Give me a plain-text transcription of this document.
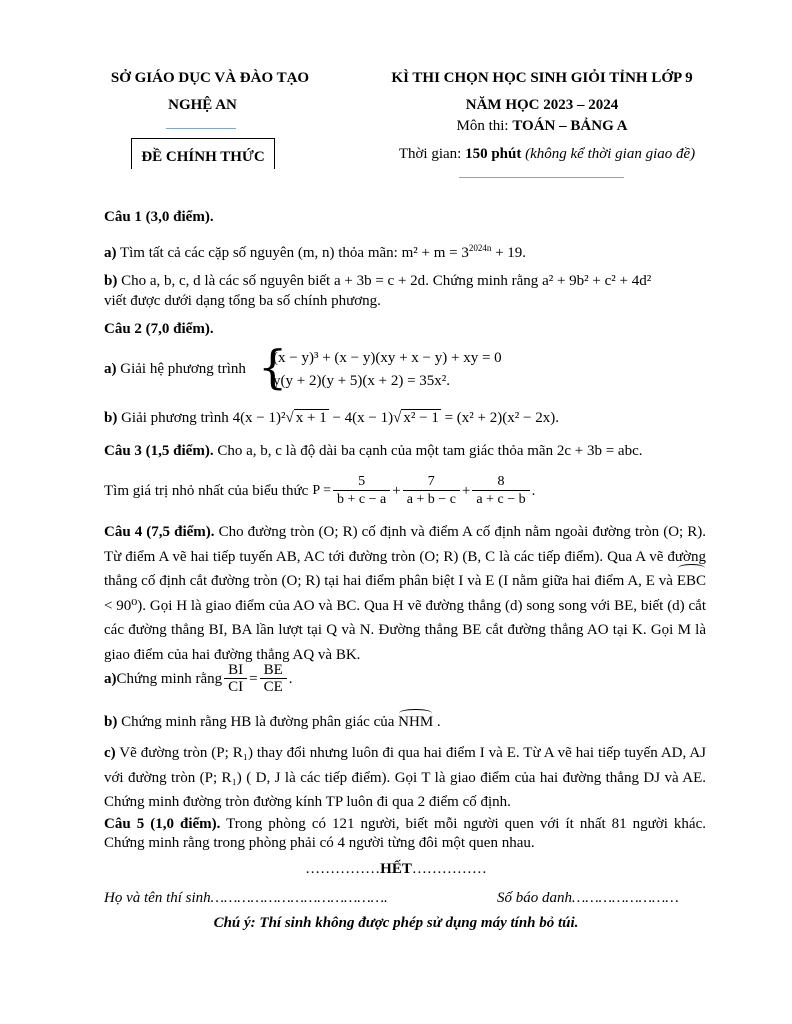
SỞ GIÁO DỤC VÀ ĐÀO TẠO
NGHỆ AN
ĐỀ CHÍNH THỨC
KÌ THI CHỌN HỌC SINH GIỎI TỈNH LỚP 9
NĂM HỌC 2023 – 2024
Môn thi: TOÁN – BẢNG A
Thời gian: 150 phút (không kể thời gian giao đề)
Câu 1 (3,0 điểm).
a) Tìm tất cả các cặp số nguyên (m, n) thỏa mãn: $m^2 + m = 3^{2024n} + 19$.

b) Cho a, b, c, d là các số nguyên biết a + 3b = c + 2d. Chứng minh rằng a² + 9b² + c² + 4d²

viết được dưới dạng tổng ba số chính phương.

Câu 2 (7,0 điểm).
a) Giải hệ phương trình {
(x − y)³ + (x − y)(xy + x − y) + xy = 0
y(y + 2)(y + 5)(x + 2) = 35x².
b) Giải phương trình 4(x − 1)²√ x + 1 − 4(x − 1)√ x² − 1 = (x² + 2)(x² − 2x).
Câu 3 (1,5 điểm). Cho a, b, c là độ dài ba cạnh của một tam giác thỏa mãn 2c + 3b = abc.
Tìm giá trị nhỏ nhất của biểu thức $P = \frac{5}{b + c - a} + \frac{7}{a + b - c} + \frac{8}{a + c - b}$ .

Câu 4 (7,5 điểm). Cho đường tròn (O; R) cố định và điểm A cố định nằm ngoài đường tròn (O; R). Từ điểm A vẽ hai tiếp tuyến AB, AC tới đường tròn (O; R) (B, C là các tiếp điểm). Qua A vẽ đường thẳng cố định cắt đường tròn (O; R) tại hai điểm phân biệt I và E (I nằm giữa hai điểm A, E và EBC < 90⁰). Gọi H là giao điểm của AO và BC. Qua H vẽ đường thẳng (d) song song với BE, biết (d) cắt các đường thẳng BI, BA lần lượt tại Q và N. Đường thẳng BE cắt đường thẳng AO tại K. Gọi M là giao điểm của hai đường thẳng AQ và BK.

a) Chứng minh rằng $\frac{BI}{CI} = \frac{BE}{CE}$ .
b) Chứng minh rằng HB là đường phân giác của NHM .

c) Vẽ đường tròn (P; R₁) thay đổi nhưng luôn đi qua hai điểm I và E. Từ A vẽ hai tiếp tuyến AD, AJ với đường tròn (P; R₁) ( D, J là các tiếp điểm). Gọi T là giao điểm của hai đường thẳng DJ và AE. Chứng minh đường tròn đường kính TP luôn đi qua 2 điểm cố định.

Câu 5 (1,0 điểm). Trong phòng có 121 người, biết mỗi người quen với ít nhất 81 người khác. Chứng minh rằng trong phòng phải có 4 người từng đôi một quen nhau.

……………HẾT……………
Họ và tên thí sinh………………………………….	Số báo danh……………………
Chú ý: Thí sinh không được phép sử dụng máy tính bỏ túi.
